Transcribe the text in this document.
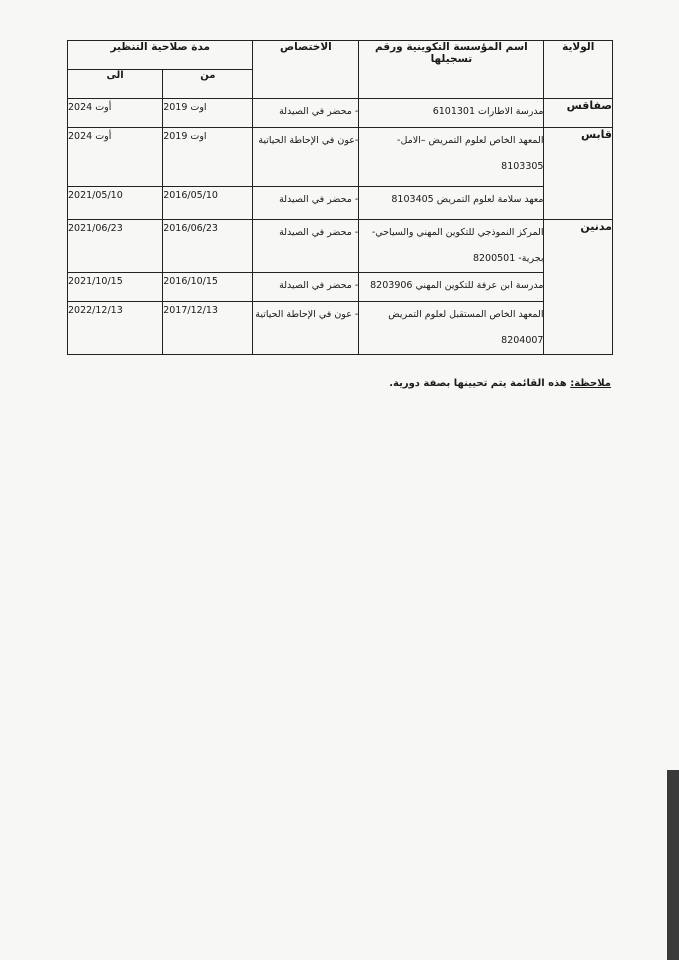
الولاية	اسم المؤسسة التكوينية ورقم تسجيلها	الاختصاص	مدة صلاحية التنظير	
			من	الى
صفاقس	مدرسة الاطارات 6101301	- محضر في الصيدلة	اوت 2019	أوت 2024
قابس	المعهد الخاص لعلوم التمريض –الامل- 8103305	-عون في الإحاطة الحياتية	اوت 2019	أوت 2024
	معهد سلامة لعلوم التمريض 8103405	- محضر في الصيدلة	2016/05/10	2021/05/10
مدنين	المركز النموذجي للتكوين المهني والسياحي-بجرية- 8200501	- محضر في الصيدلة	2016/06/23	2021/06/23
	مدرسة ابن عرفة للتكوين المهني 8203906	- محضر في الصيدلة	2016/10/15	2021/10/15
	المعهد الخاص المستقبل لعلوم التمريض 8204007	- عون في الإحاطة الحياتية	2017/12/13	2022/12/13
ملاحظة: هذه القائمة يتم تحيينها بصفة دورية.
